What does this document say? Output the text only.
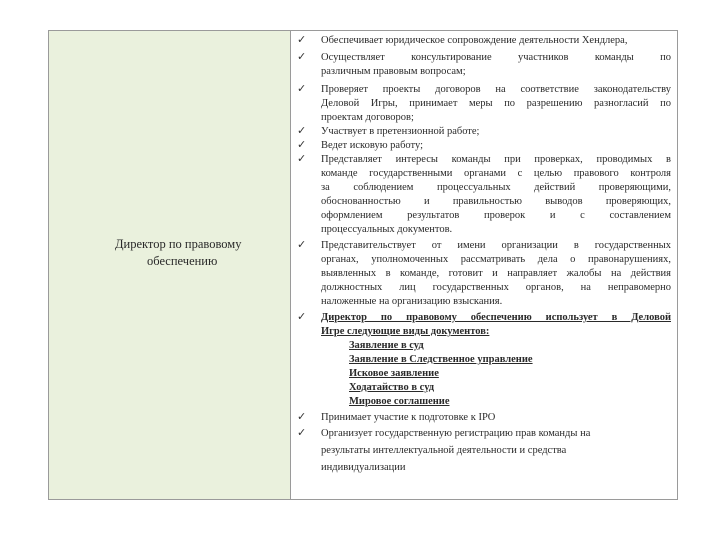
Директор по правовому
обеспечению
✓ Обеспечивает юридическое сопровождение деятельности Хендлера,
✓ Осуществляет консультирование участников команды по
различным правовым вопросам;
✓ Проверяет проекты договоров на соответствие законодательству
Деловой Игры, принимает меры по разрешению разногласий по
проектам договоров;
✓ Участвует в претензионной работе;
✓ Ведет исковую работу;
✓ Представляет интересы команды при проверках, проводимых в
команде государственными органами с целью правового контроля
за соблюдением процессуальных действий проверяющими,
обоснованностью и правильностью выводов проверяющих,
оформлением результатов проверок и с составлением
процессуальных документов.
✓ Представительствует от имени организации в государственных
органах, уполномоченных рассматривать дела о правонарушениях,
выявленных в команде, готовит и направляет жалобы на действия
должностных лиц государственных органов, на неправомерно
наложенные на организацию взыскания.
✓ Директор по правовому обеспечению использует в Деловой
Игре следующие виды документов:
Заявление в суд
Заявление в Следственное управление
Исковое заявление
Ходатайство в суд
Мировое соглашение
✓ Принимает участие к подготовке к IPO
✓ Организует государственную регистрацию прав команды на
результаты интеллектуальной деятельности и средства
индивидуализации
